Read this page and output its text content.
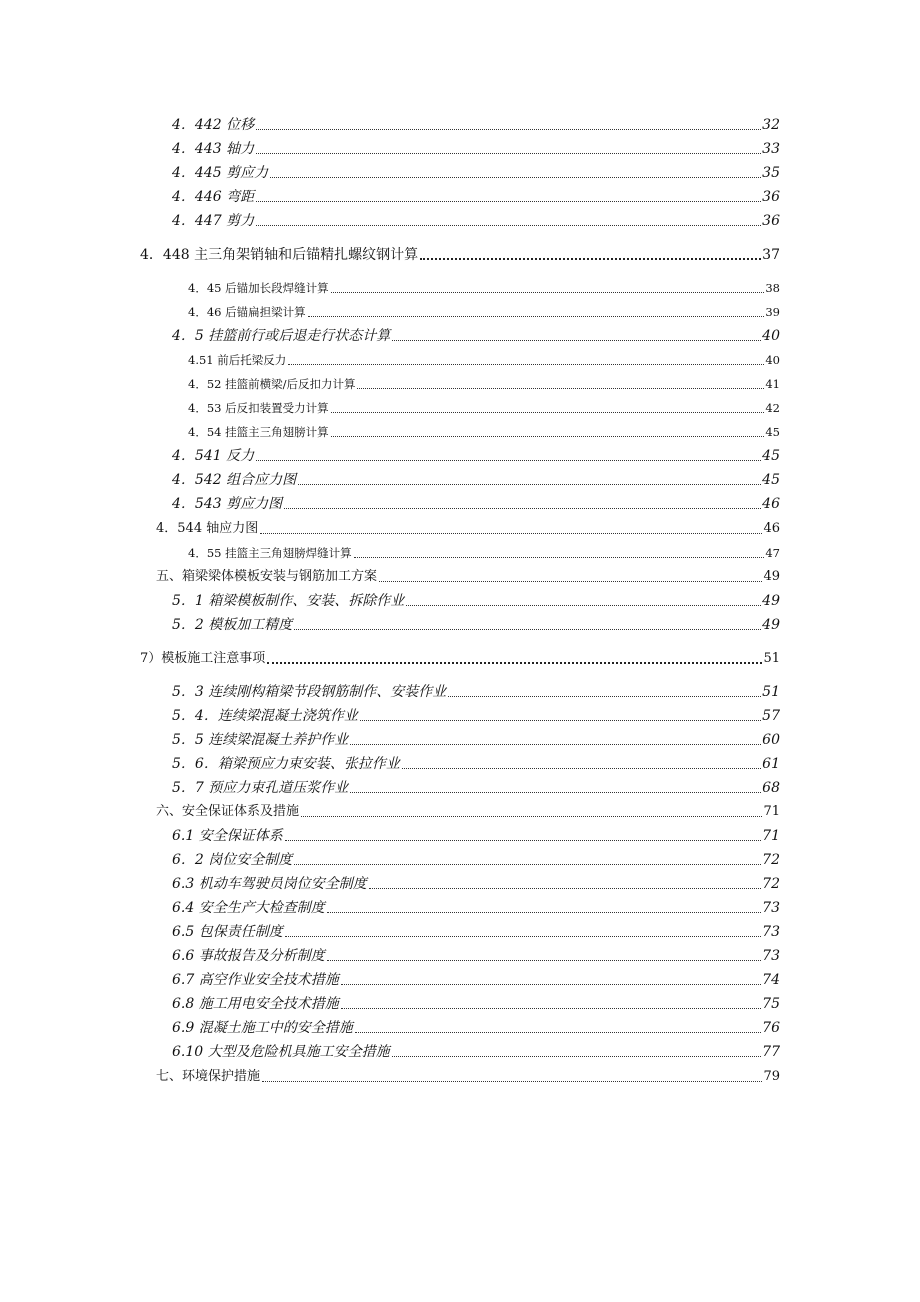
4．442 位移	32
4．443 轴力	33
4．445 剪应力	35
4．446 弯距	36
4．447 剪力	36
4．448 主三角架销轴和后锚精扎螺纹钢计算	37
4．45 后锚加长段焊缝计算	38
4．46 后锚扁担梁计算	39
4．5 挂篮前行或后退走行状态计算	40
4.51 前后托梁反力	40
4．52 挂篮前横梁/后反扣力计算	41
4．53 后反扣装置受力计算	42
4．54 挂篮主三角翅膀计算	45
4．541 反力	45
4．542 组合应力图	45
4．543 剪应力图	46
4．544 轴应力图	46
4．55 挂篮主三角翅膀焊缝计算	47
五、箱梁梁体模板安装与钢筋加工方案	49
5．1 箱梁模板制作、安装、拆除作业	49
5．2 模板加工精度	49
7）模板施工注意事项	51
5．3 连续刚构箱梁节段钢筋制作、安装作业	51
5．4．连续梁混凝土浇筑作业	57
5．5 连续梁混凝土养护作业	60
5．6．箱梁预应力束安装、张拉作业	61
5．7 预应力束孔道压浆作业	68
六、安全保证体系及措施	71
6.1 安全保证体系	71
6．2 岗位安全制度	72
6.3 机动车驾驶员岗位安全制度	72
6.4 安全生产大检查制度	73
6.5 包保责任制度	73
6.6 事故报告及分析制度	73
6.7 高空作业安全技术措施	74
6.8 施工用电安全技术措施	75
6.9 混凝土施工中的安全措施	76
6.10 大型及危险机具施工安全措施	77
七、环境保护措施	79
